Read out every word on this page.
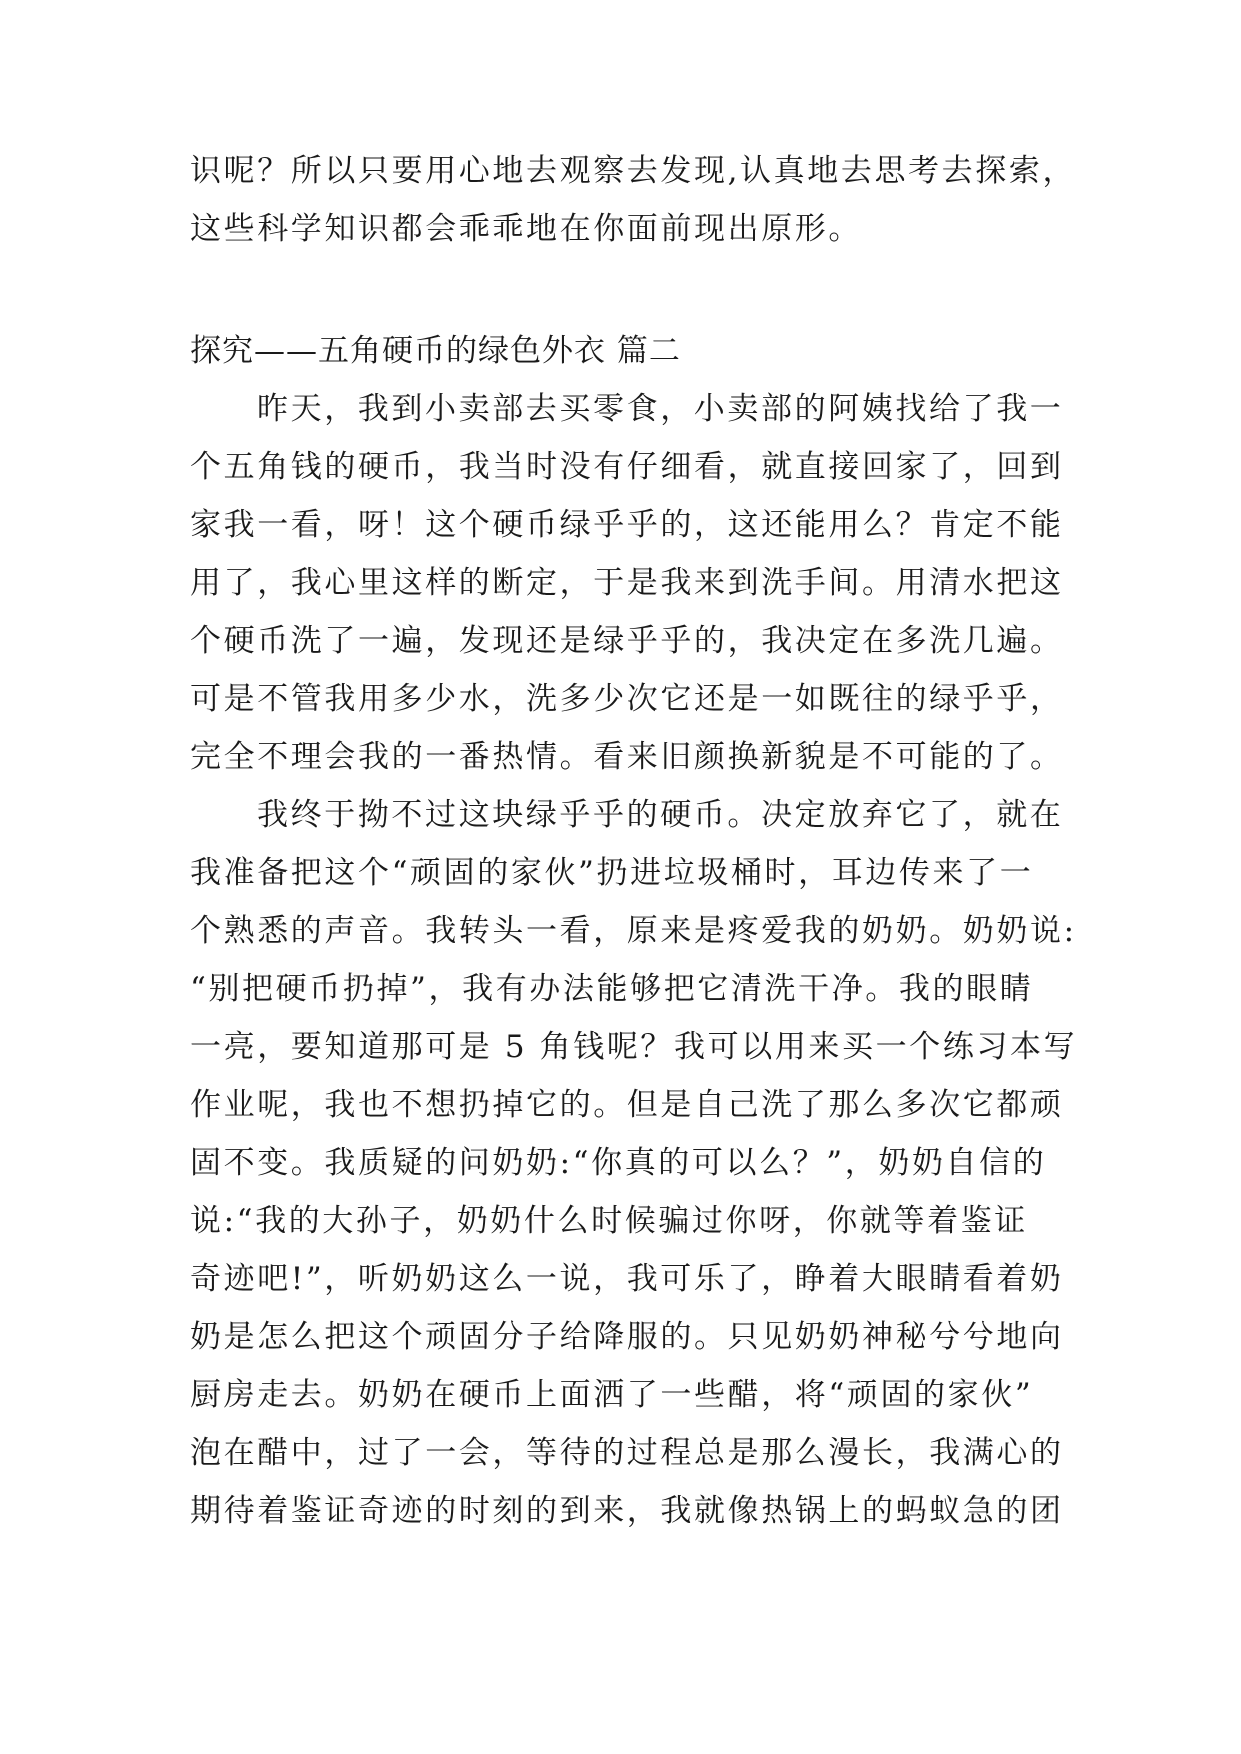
识呢？所以只要用心地去观察去发现,认真地去思考去探索，
这些科学知识都会乖乖地在你面前现出原形。
探究——五角硬币的绿色外衣 篇二
昨天，我到小卖部去买零食，小卖部的阿姨找给了我一
个五角钱的硬币，我当时没有仔细看，就直接回家了，回到
家我一看，呀！这个硬币绿乎乎的，这还能用么？肯定不能
用了，我心里这样的断定，于是我来到洗手间。用清水把这
个硬币洗了一遍，发现还是绿乎乎的，我决定在多洗几遍。
可是不管我用多少水，洗多少次它还是一如既往的绿乎乎，
完全不理会我的一番热情。看来旧颜换新貌是不可能的了。
我终于拗不过这块绿乎乎的硬币。决定放弃它了，就在
我准备把这个“顽固的家伙”扔进垃圾桶时，耳边传来了一
个熟悉的声音。我转头一看，原来是疼爱我的奶奶。奶奶说:
“别把硬币扔掉”，我有办法能够把它清洗干净。我的眼睛
一亮，要知道那可是 5 角钱呢？我可以用来买一个练习本写
作业呢，我也不想扔掉它的。但是自己洗了那么多次它都顽
固不变。我质疑的问奶奶:“你真的可以么？”，奶奶自信的
说:“我的大孙子，奶奶什么时候骗过你呀，你就等着鉴证
奇迹吧!”，听奶奶这么一说，我可乐了，睁着大眼睛看着奶
奶是怎么把这个顽固分子给降服的。只见奶奶神秘兮兮地向
厨房走去。奶奶在硬币上面洒了一些醋，将“顽固的家伙”
泡在醋中，过了一会，等待的过程总是那么漫长，我满心的
期待着鉴证奇迹的时刻的到来，我就像热锅上的蚂蚁急的团
